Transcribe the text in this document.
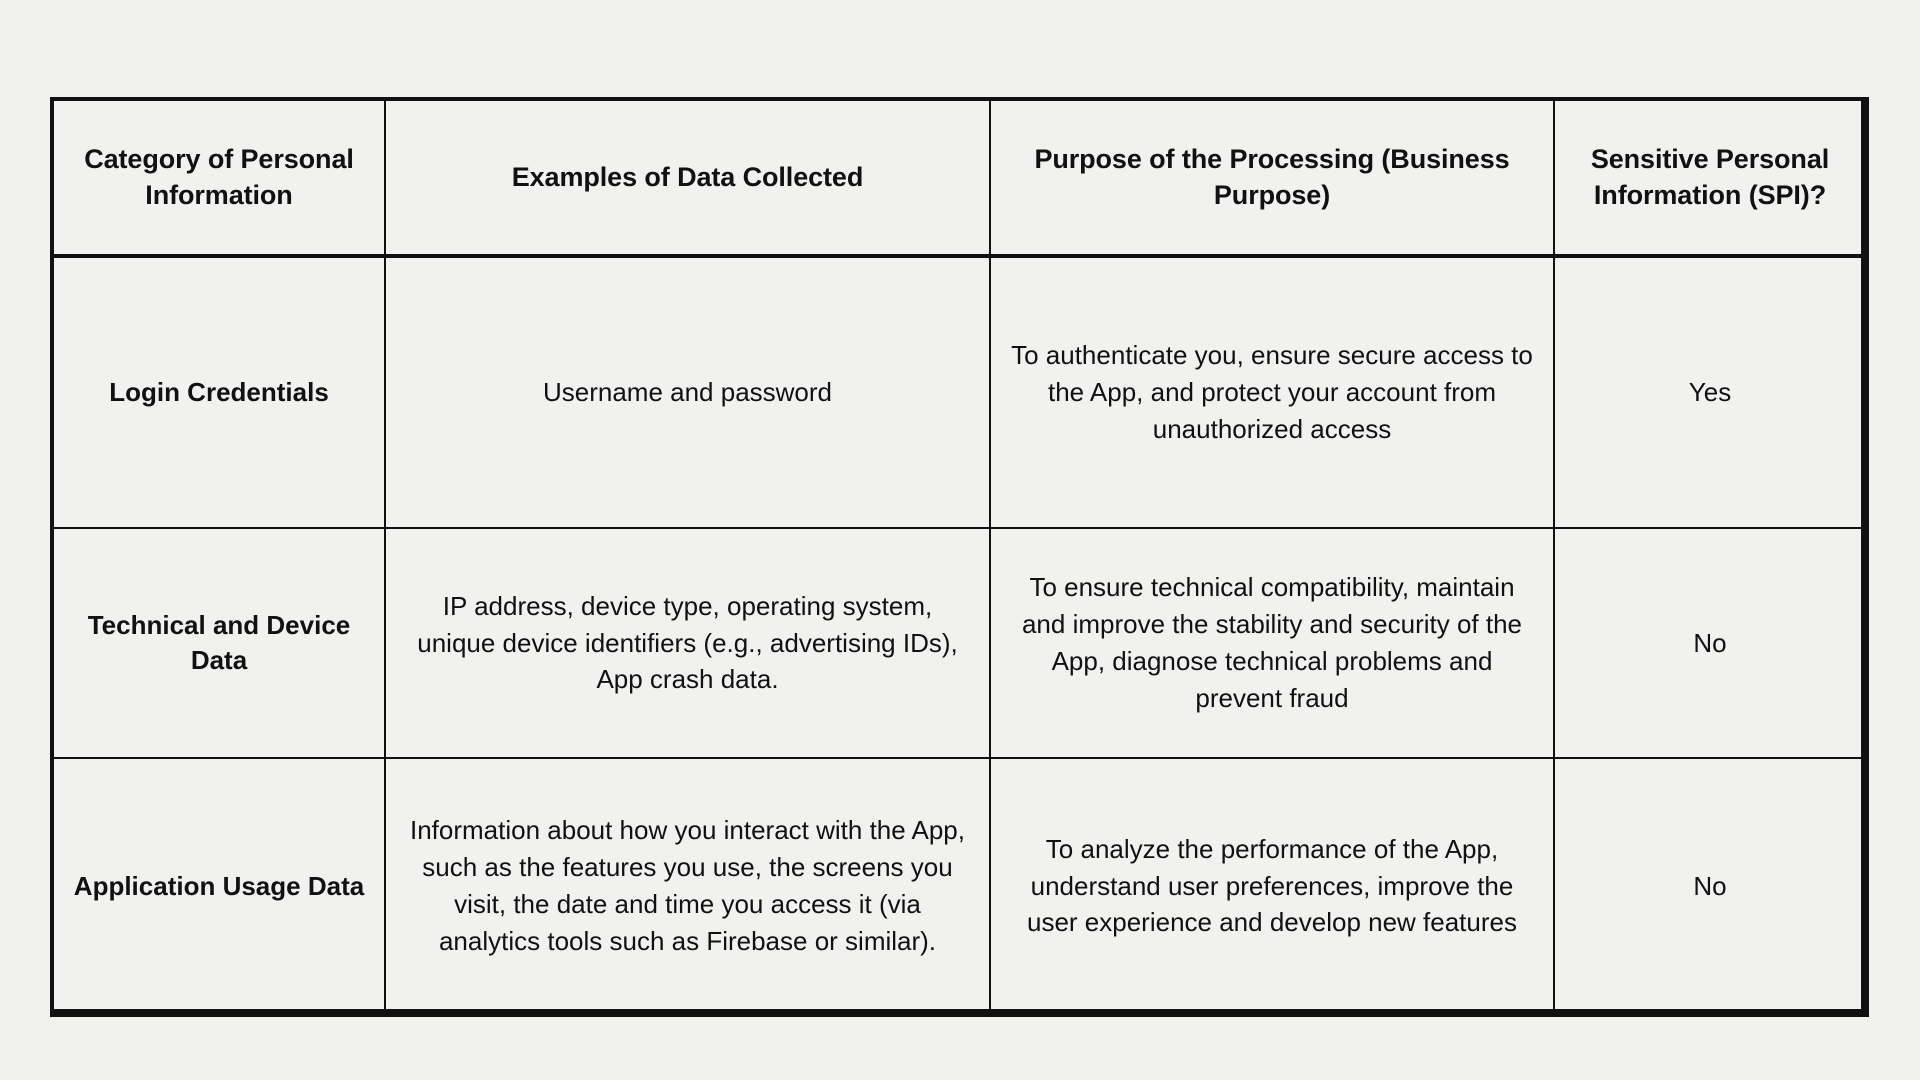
Category of Personal Information	Examples of Data Collected	Purpose of the Processing (Business Purpose)	Sensitive Personal Information (SPI)?

Login Credentials	Username and password	To authenticate you, ensure secure access to the App, and protect your account from unauthorized access	Yes

Technical and Device Data	IP address, device type, operating system, unique device identifiers (e.g., advertising IDs), App crash data.	To ensure technical compatibility, maintain and improve the stability and security of the App, diagnose technical problems and prevent fraud	No

Application Usage Data	Information about how you interact with the App, such as the features you use, the screens you visit, the date and time you access it (via analytics tools such as Firebase or similar).	To analyze the performance of the App, understand user preferences, improve the user experience and develop new features	No
